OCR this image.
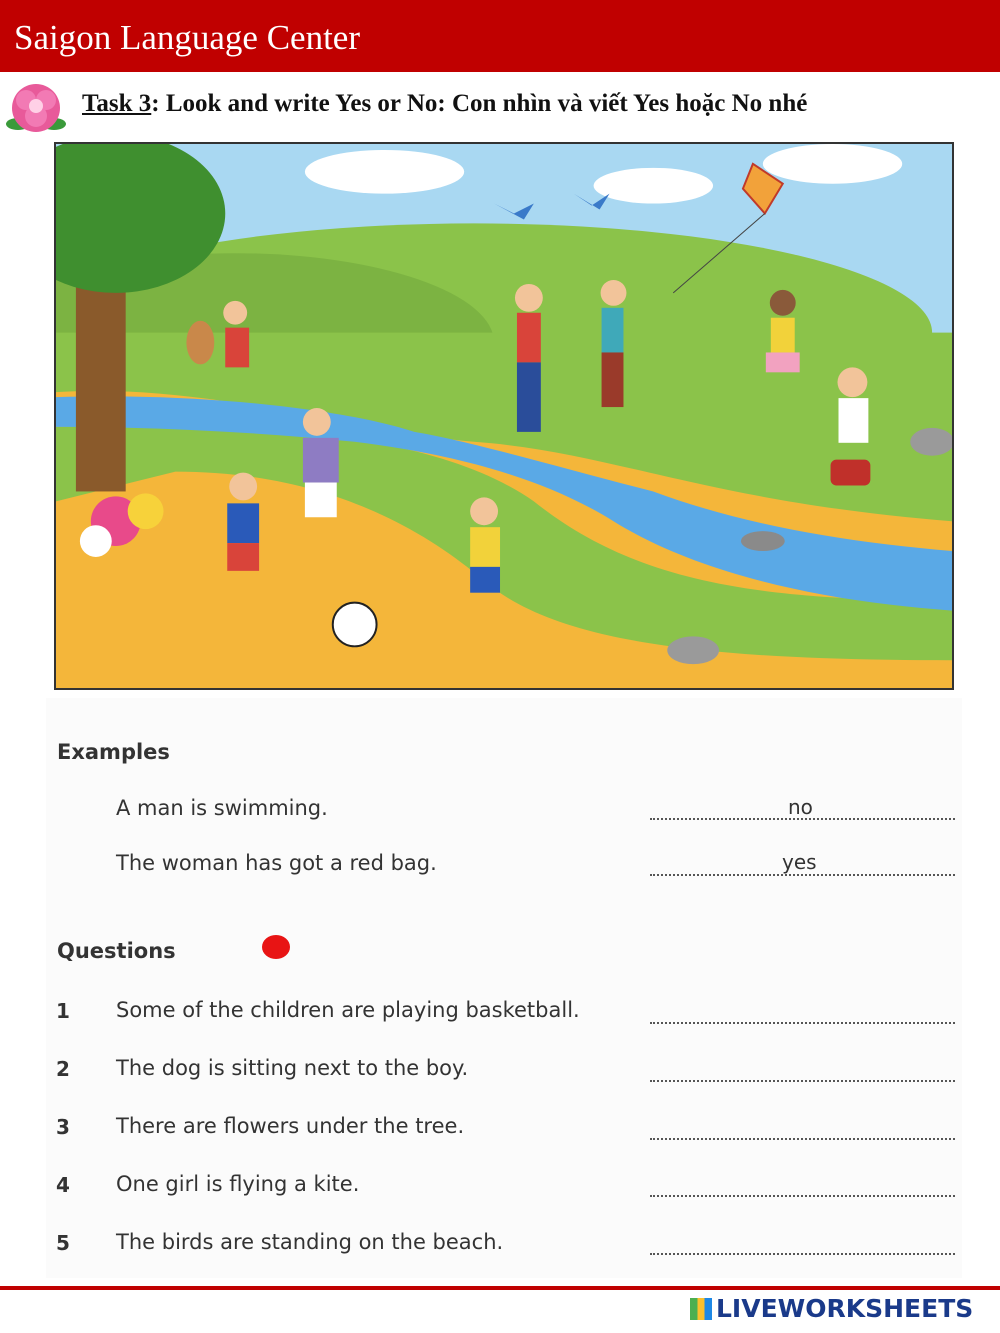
Saigon Language Center
Task 3: Look and write Yes or No: Con nhìn và viết Yes hoặc No nhé
Examples
A man is swimming.	no
The woman has got a red bag.	yes
Questions
1 Some of the children are playing basketball.
2 The dog is sitting next to the boy.
3 There are flowers under the tree.
4 One girl is flying a kite.
5 The birds are standing on the beach.
LIVEWORKSHEETS
